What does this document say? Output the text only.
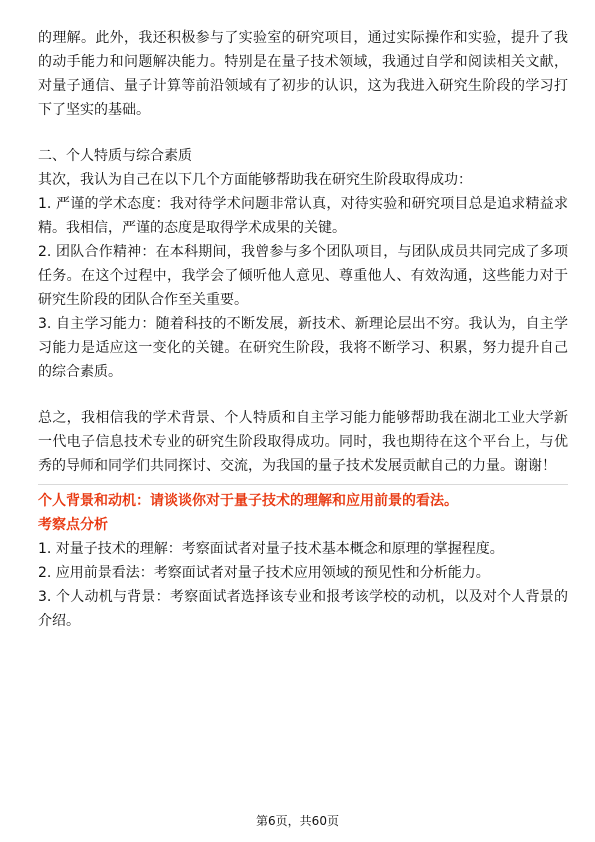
的理解。此外，我还积极参与了实验室的研究项目，通过实际操作和实验，提升了我的动手能力和问题解决能力。特别是在量子技术领域，我通过自学和阅读相关文献，对量子通信、量子计算等前沿领域有了初步的认识，这为我进入研究生阶段的学习打下了坚实的基础。

二、个人特质与综合素质

其次，我认为自己在以下几个方面能够帮助我在研究生阶段取得成功：

1. 严谨的学术态度：我对待学术问题非常认真，对待实验和研究项目总是追求精益求精。我相信，严谨的态度是取得学术成果的关键。

2. 团队合作精神：在本科期间，我曾参与多个团队项目，与团队成员共同完成了多项任务。在这个过程中，我学会了倾听他人意见、尊重他人、有效沟通，这些能力对于研究生阶段的团队合作至关重要。

3. 自主学习能力：随着科技的不断发展，新技术、新理论层出不穷。我认为，自主学习能力是适应这一变化的关键。在研究生阶段，我将不断学习、积累，努力提升自己的综合素质。

总之，我相信我的学术背景、个人特质和自主学习能力能够帮助我在湖北工业大学新一代电子信息技术专业的研究生阶段取得成功。同时，我也期待在这个平台上，与优秀的导师和同学们共同探讨、交流，为我国的量子技术发展贡献自己的力量。谢谢！

个人背景和动机：请谈谈你对于量子技术的理解和应用前景的看法。

考察点分析

1. 对量子技术的理解：考察面试者对量子技术基本概念和原理的掌握程度。

2. 应用前景看法：考察面试者对量子技术应用领域的预见性和分析能力。

3. 个人动机与背景：考察面试者选择该专业和报考该学校的动机，以及对个人背景的介绍。

第6页，共60页
